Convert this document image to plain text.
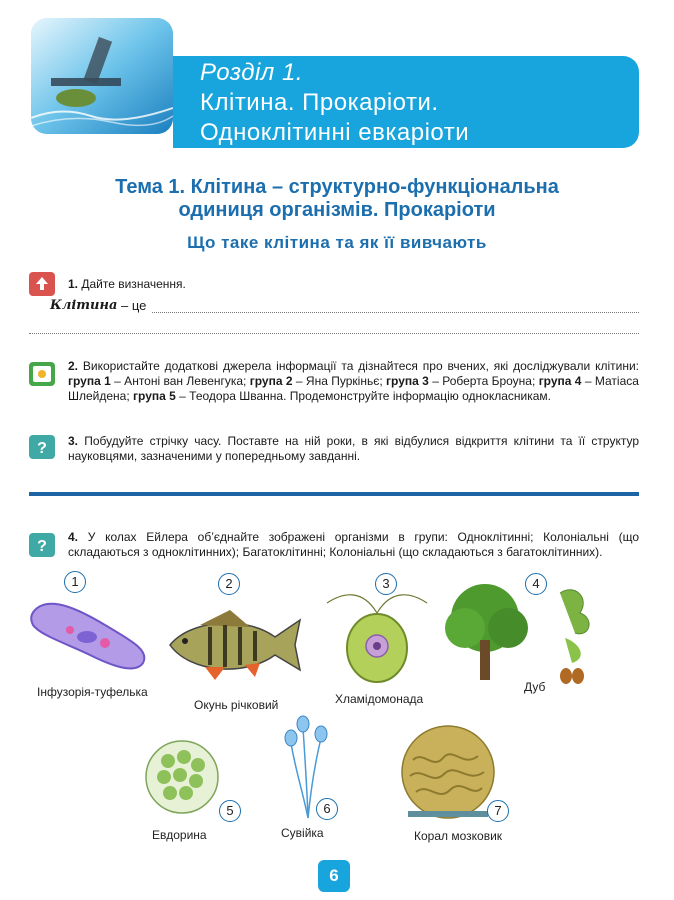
Розділ 1.
Клітина. Прокаріоти.
Одноклітинні евкаріоти
Тема 1. Клітина – структурно-функціональна
одиниця організмів. Прокаріоти
Що таке клітина та як її вивчають
1. Дайте визначення.
Клітина
– це
2. Використайте додаткові джерела інформації та дізнайтеся про вчених, які досліджували клітини: група 1 – Антоні ван Левенгука; група 2 – Яна Пуркіньє; група 3 – Роберта Броуна; група 4 – Матіаса Шлейдена; група 5 – Теодора Шванна. Продемонструйте інформацію однокласникам.
? 3. Побудуйте стрічку часу. Поставте на ній роки, в які відбулися відкриття клітини та її структур науковцями, зазначеними у попередньому завданні.
?
4. У колах Ейлера об’єднайте зображені організми в групи: Одноклітинні; Колоніальні (що складаються з одноклітинних); Багатоклітинні; Колоніальні (що складаються з багатоклітинних).
1
Інфузорія-туфелька
2
Окунь річковий
3
Хламідомонада
4
Дуб
5
Евдорина
6
Сувійка
7
Корал мозковик
6
